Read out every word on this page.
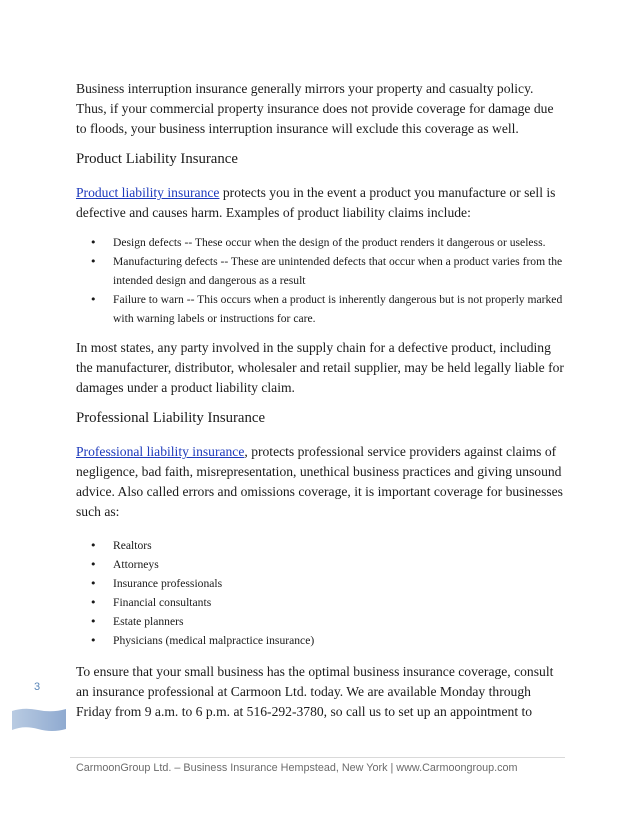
Business interruption insurance generally mirrors your property and casualty policy. Thus, if your commercial property insurance does not provide coverage for damage due to floods, your business interruption insurance will exclude this coverage as well.

Product Liability Insurance

Product liability insurance protects you in the event a product you manufacture or sell is defective and causes harm. Examples of product liability claims include:

• Design defects -- These occur when the design of the product renders it dangerous or useless.
• Manufacturing defects -- These are unintended defects that occur when a product varies from the intended design and dangerous as a result
• Failure to warn -- This occurs when a product is inherently dangerous but is not properly marked with warning labels or instructions for care.

In most states, any party involved in the supply chain for a defective product, including the manufacturer, distributor, wholesaler and retail supplier, may be held legally liable for damages under a product liability claim.

Professional Liability Insurance

Professional liability insurance, protects professional service providers against claims of negligence, bad faith, misrepresentation, unethical business practices and giving unsound advice. Also called errors and omissions coverage, it is important coverage for businesses such as:

• Realtors
• Attorneys
• Insurance professionals
• Financial consultants
• Estate planners
• Physicians (medical malpractice insurance)

To ensure that your small business has the optimal business insurance coverage, consult an insurance professional at Carmoon Ltd. today. We are available Monday through Friday from 9 a.m. to 6 p.m. at 516-292-3780, so call us to set up an appointment to

3
CarmoonGroup Ltd. – Business Insurance Hempstead, New York | www.Carmoongroup.com
